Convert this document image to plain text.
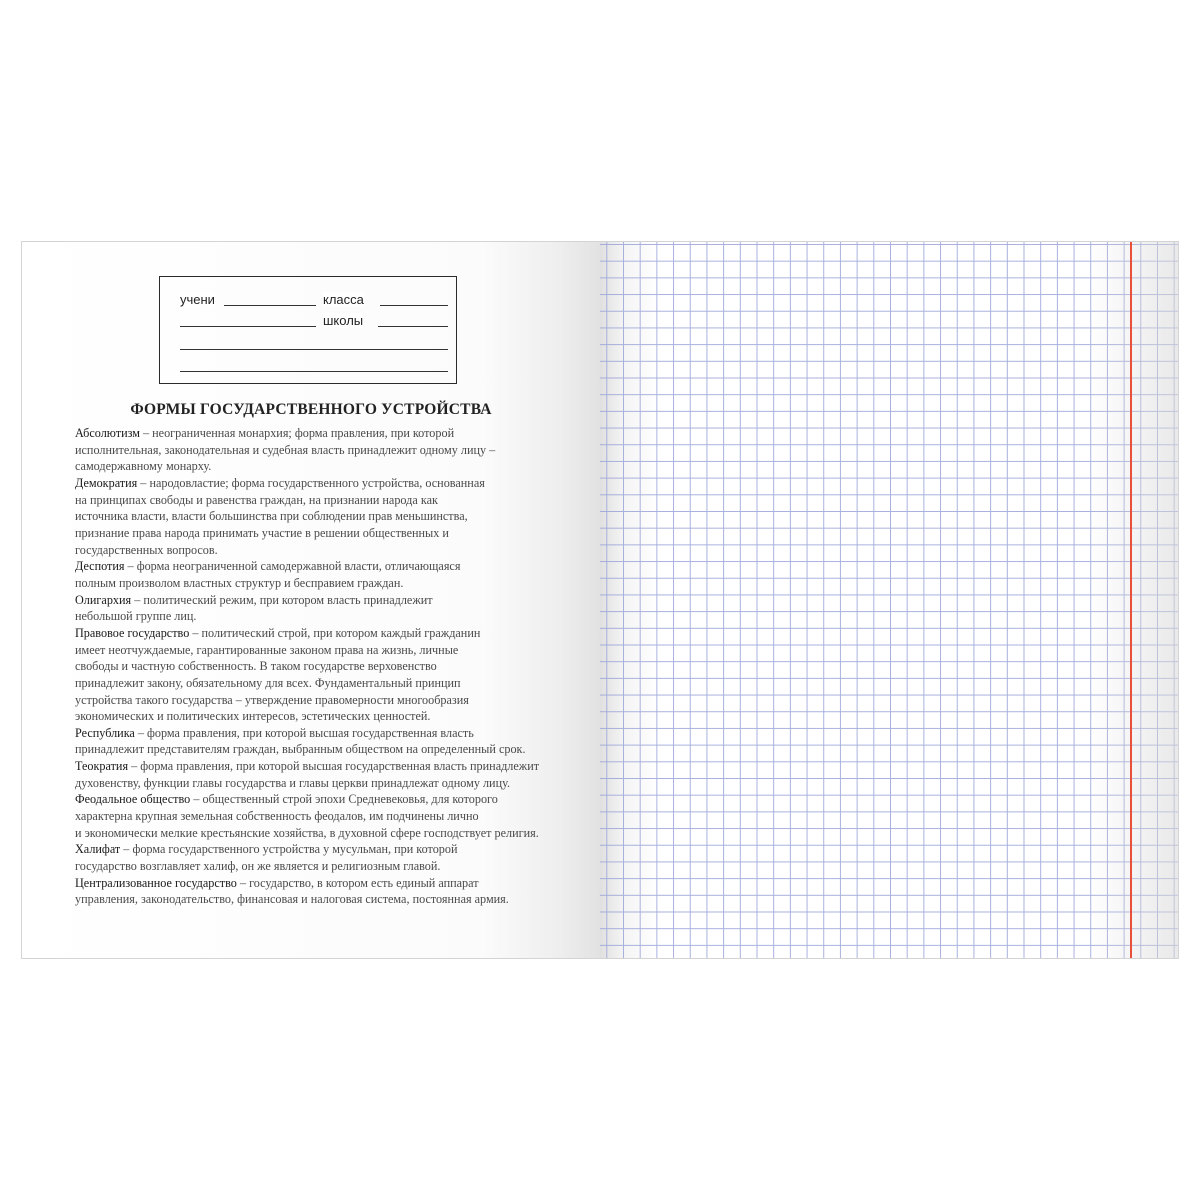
учени	класса
школы
ФОРМЫ ГОСУДАРСТВЕННОГО УСТРОЙСТВА
Абсолютизм – неограниченная монархия; форма правления, при которой
исполнительная, законодательная и судебная власть принадлежит одному лицу –
самодержавному монарху.
Демократия – народовластие; форма государственного устройства, основанная
на принципах свободы и равенства граждан, на признании народа как
источника власти, власти большинства при соблюдении прав меньшинства,
признание права народа принимать участие в решении общественных и
государственных вопросов.
Деспотия – форма неограниченной самодержавной власти, отличающаяся
полным произволом властных структур и бесправием граждан.
Олигархия – политический режим, при котором власть принадлежит
небольшой группе лиц.
Правовое государство – политический строй, при котором каждый гражданин
имеет неотчуждаемые, гарантированные законом права на жизнь, личные
свободы и частную собственность. В таком государстве верховенство
принадлежит закону, обязательному для всех. Фундаментальный принцип
устройства такого государства – утверждение правомерности многообразия
экономических и политических интересов, эстетических ценностей.
Республика – форма правления, при которой высшая государственная власть
принадлежит представителям граждан, выбранным обществом на определенный срок.
Теократия – форма правления, при которой высшая государственная власть принадлежит
духовенству, функции главы государства и главы церкви принадлежат одному лицу.
Феодальное общество – общественный строй эпохи Средневековья, для которого
характерна крупная земельная собственность феодалов, им подчинены лично
и экономически мелкие крестьянские хозяйства, в духовной сфере господствует религия.
Халифат – форма государственного устройства у мусульман, при которой
государство возглавляет халиф, он же является и религиозным главой.
Централизованное государство – государство, в котором есть единый аппарат
управления, законодательство, финансовая и налоговая система, постоянная армия.
